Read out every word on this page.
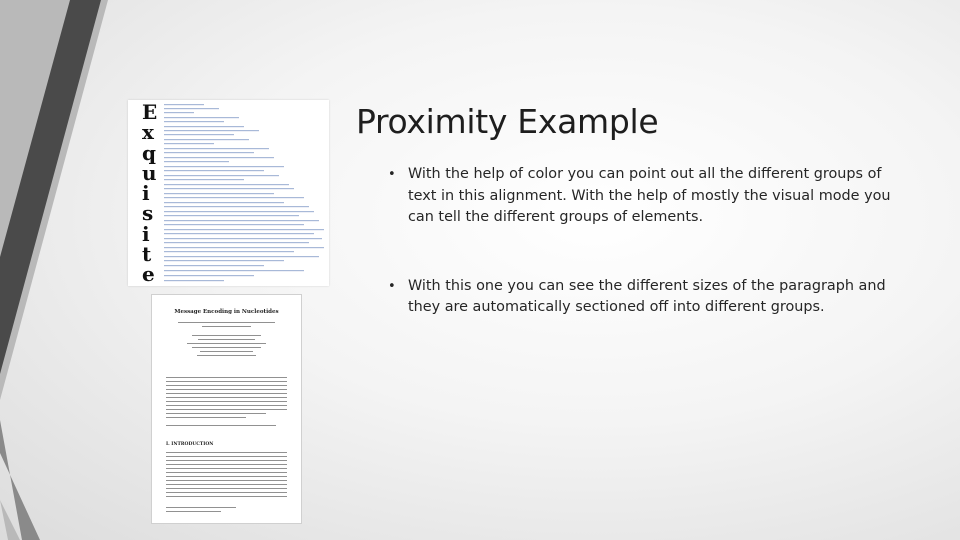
Proximity Example
• With the help of color you can point out all the different groups of text in this alignment. With the help of mostly the visual mode you can tell the different groups of elements.
• With this one you can see the different sizes of the paragraph and they are automatically sectioned off into different groups.
E
x
q
u
i
s
i
t
e
Message Encoding in Nucleotides
I. INTRODUCTION
